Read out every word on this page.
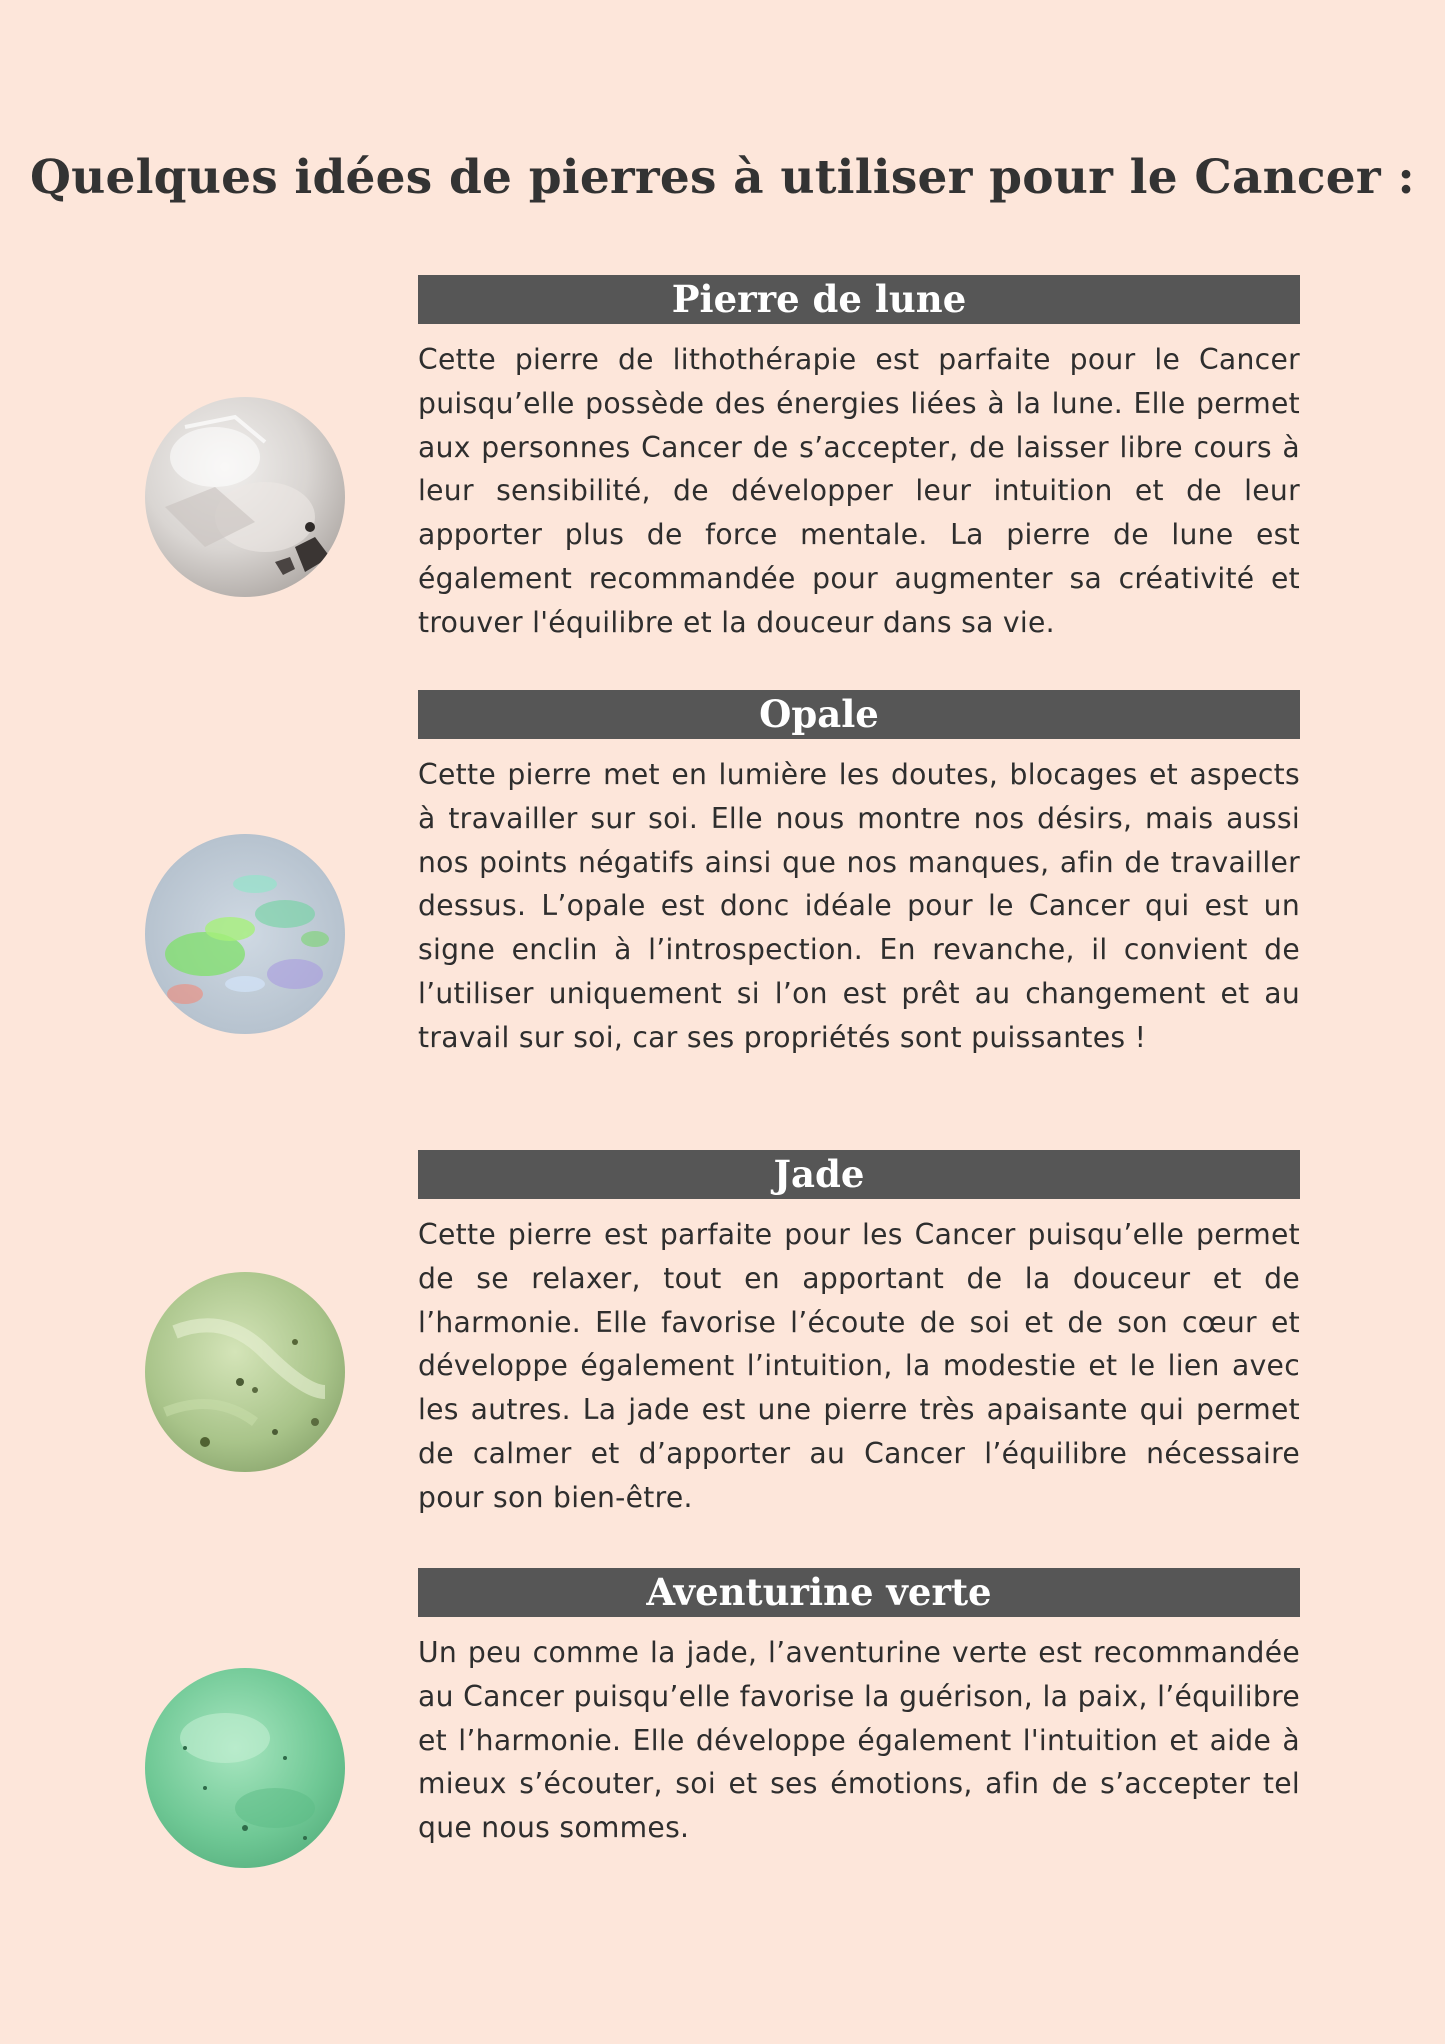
Quelques idées de pierres à utiliser pour le Cancer :
Pierre de lune
Cette pierre de lithothérapie est parfaite pour le Cancer puisqu’elle possède des énergies liées à la lune. Elle permet aux personnes Cancer de s’accepter, de laisser libre cours à leur sensibilité, de développer leur intuition et de leur apporter plus de force mentale. La pierre de lune est également recommandée pour augmenter sa créativité et trouver l'équilibre et la douceur dans sa vie.
Opale
Cette pierre met en lumière les doutes, blocages et aspects à travailler sur soi. Elle nous montre nos désirs, mais aussi nos points négatifs ainsi que nos manques, afin de travailler dessus. L’opale est donc idéale pour le Cancer qui est un signe enclin à l’introspection. En revanche, il convient de l’utiliser uniquement si l’on est prêt au changement et au travail sur soi, car ses propriétés sont puissantes !
Jade
Cette pierre est parfaite pour les Cancer puisqu’elle permet de se relaxer, tout en apportant de la douceur et de l’harmonie. Elle favorise l’écoute de soi et de son cœur et développe également l’intuition, la modestie et le lien avec les autres. La jade est une pierre très apaisante qui permet de calmer et d’apporter au Cancer l’équilibre nécessaire pour son bien-être.
Aventurine verte
Un peu comme la jade, l’aventurine verte est recommandée au Cancer puisqu’elle favorise la guérison, la paix, l’équilibre et l’harmonie. Elle développe également l'intuition et aide à mieux s’écouter, soi et ses émotions, afin de s’accepter tel que nous sommes.
